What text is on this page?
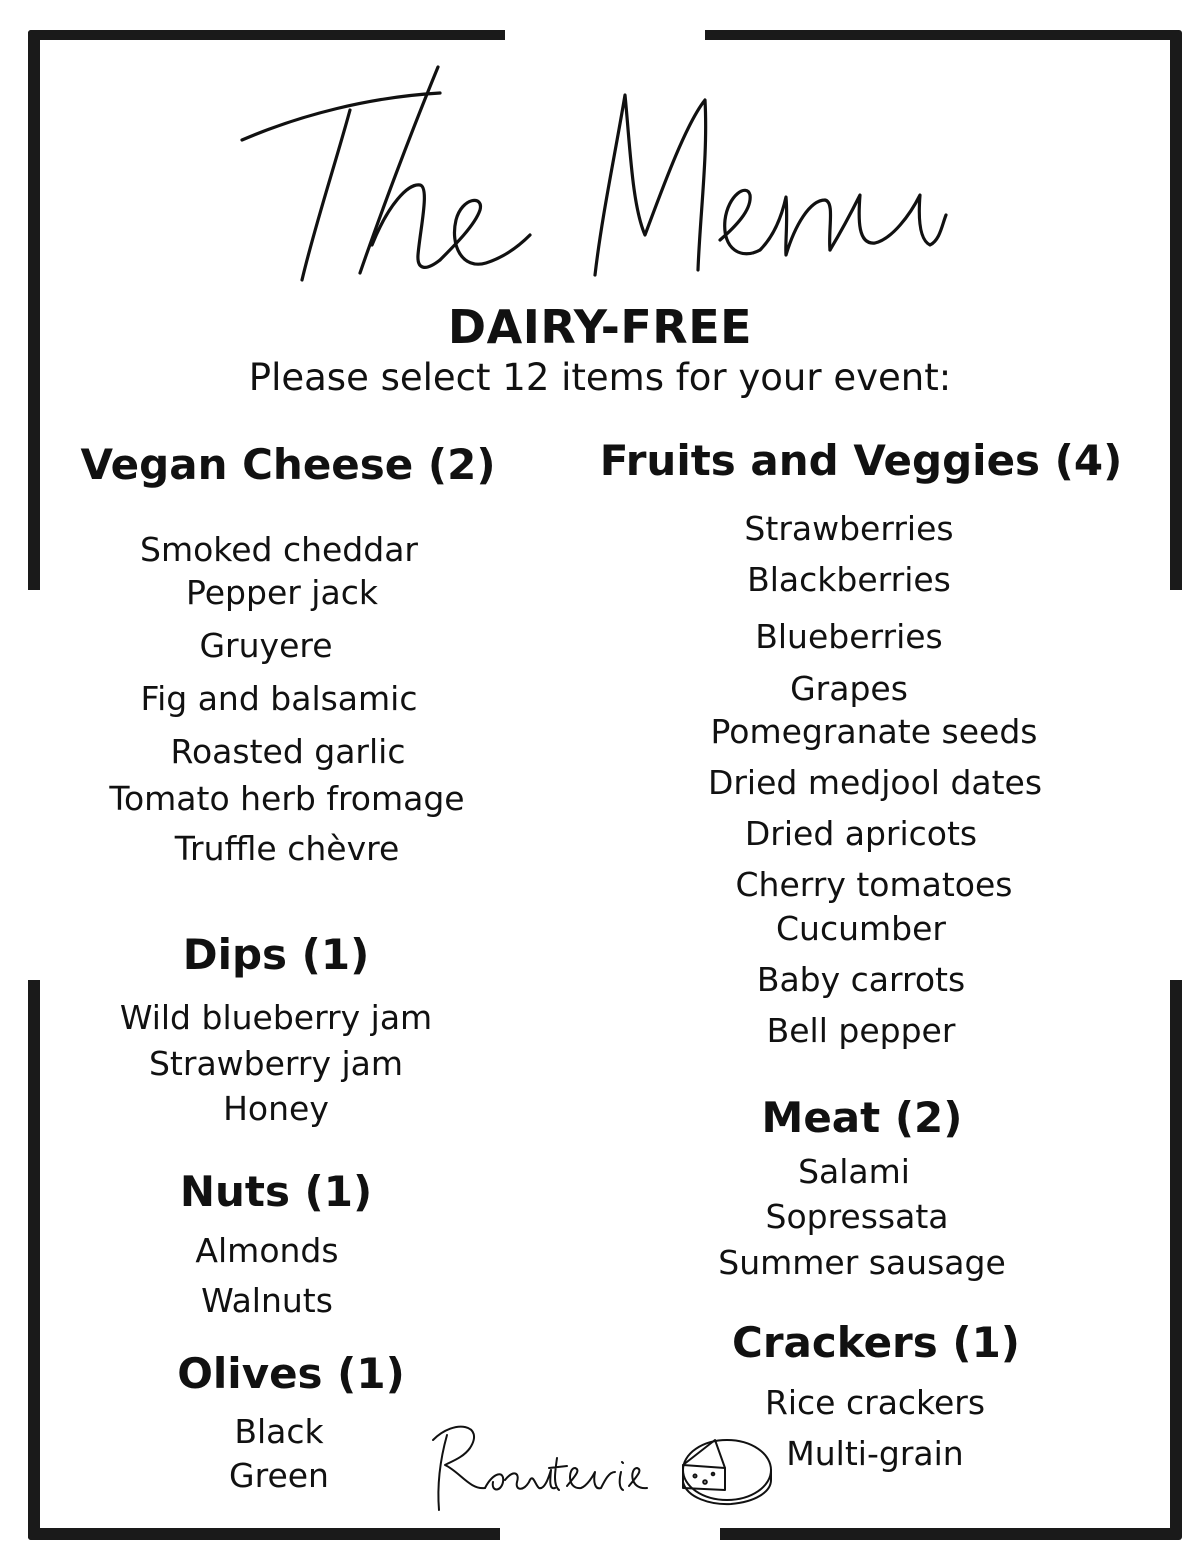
DAIRY-FREE
Please select 12 items for your event:
Vegan Cheese (2)
Smoked cheddar
Pepper jack
Gruyere
Fig and balsamic
Roasted garlic
Tomato herb fromage
Truffle chèvre
Dips (1)
Wild blueberry jam
Strawberry jam
Honey
Nuts (1)
Almonds
Walnuts
Olives (1)
Black
Green
Fruits and Veggies (4)
Strawberries
Blackberries
Blueberries
Grapes
Pomegranate seeds
Dried medjool dates
Dried apricots
Cherry tomatoes
Cucumber
Baby carrots
Bell pepper
Meat (2)
Salami
Sopressata
Summer sausage
Crackers (1)
Rice crackers
Multi-grain
